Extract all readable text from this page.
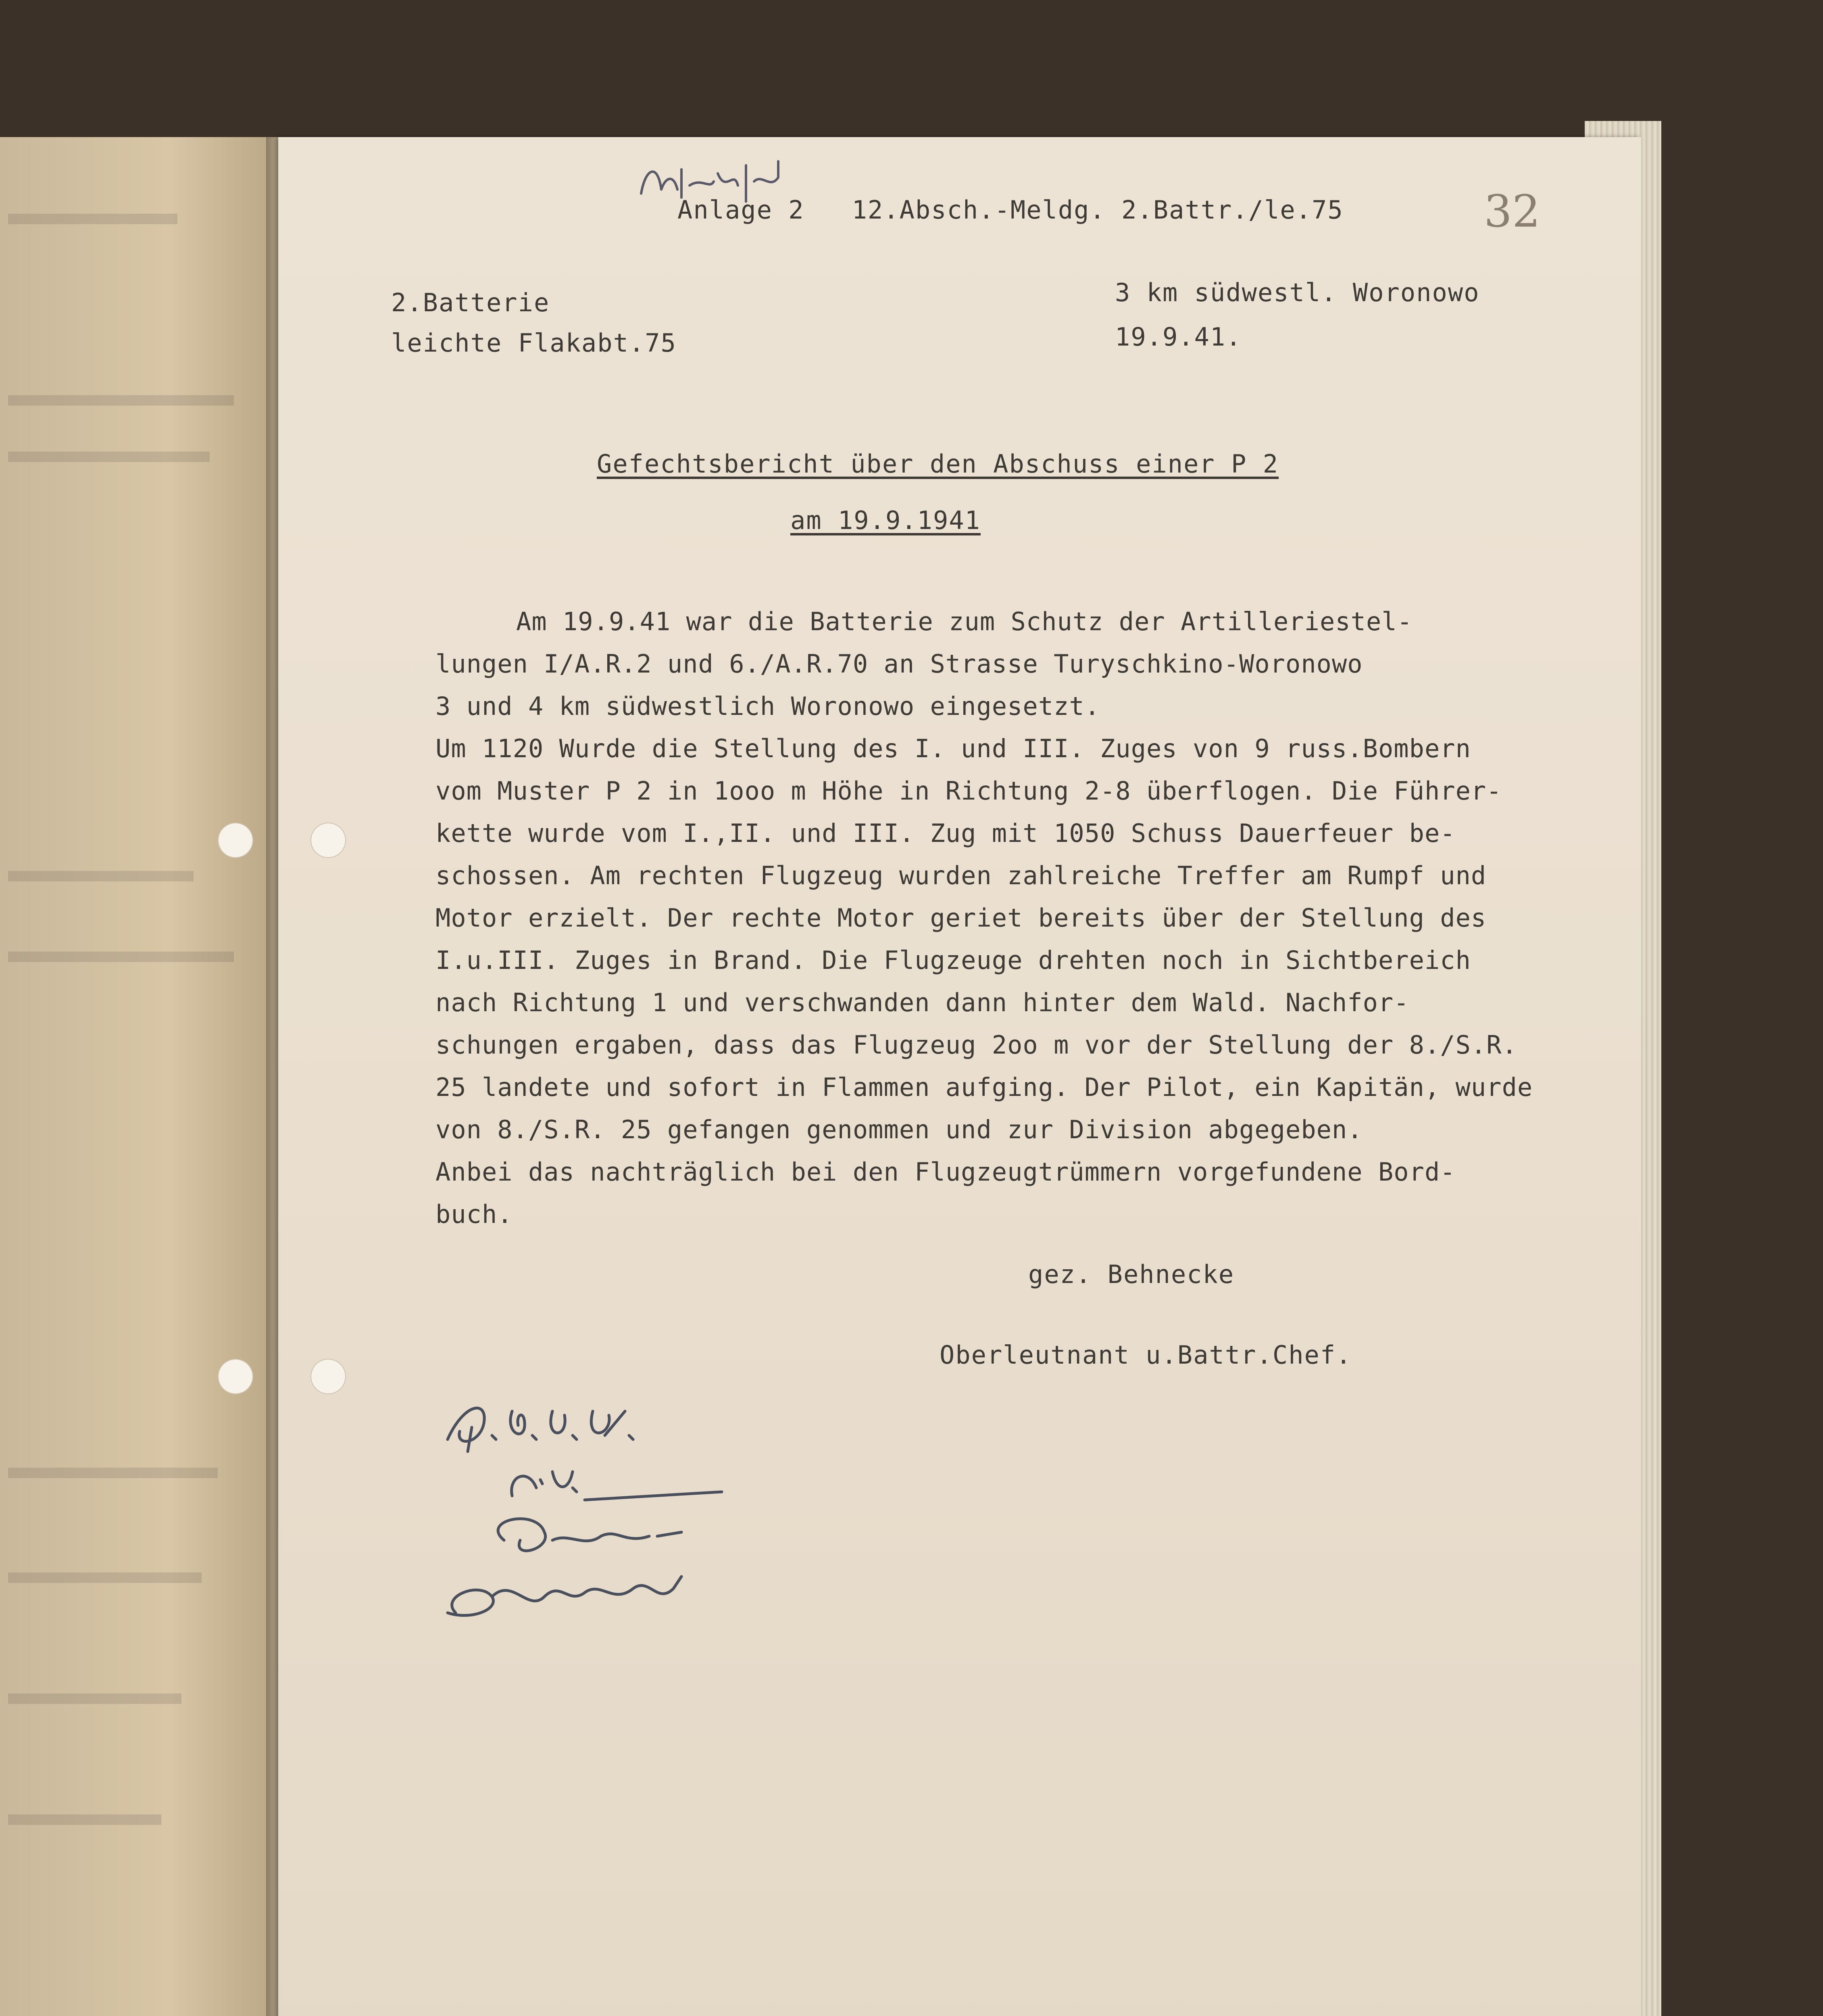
Anlage 2   12.Absch.-Meldg. 2.Battr./le.75	32
2.Batterie
leichte Flakabt.75
3 km südwestl. Woronowo
19.9.41.
Gefechtsbericht über den Abschuss einer P 2
am 19.9.1941
Am 19.9.41 war die Batterie zum Schutz der Artilleriestel-
lungen I/A.R.2 und 6./A.R.70 an Strasse Turyschkino-Woronowo
3 und 4 km südwestlich Woronowo eingesetzt.
Um 1120 Wurde die Stellung des I. und III. Zuges von 9 russ.Bombern
vom Muster P 2 in 1ooo m Höhe in Richtung 2-8 überflogen. Die Führer-
kette wurde vom I.,II. und III. Zug mit 1050 Schuss Dauerfeuer be-
schossen. Am rechten Flugzeug wurden zahlreiche Treffer am Rumpf und
Motor erzielt. Der rechte Motor geriet bereits über der Stellung des
I.u.III. Zuges in Brand. Die Flugzeuge drehten noch in Sichtbereich
nach Richtung 1 und verschwanden dann hinter dem Wald. Nachfor-
schungen ergaben, dass das Flugzeug 2oo m vor der Stellung der 8./S.R.
25 landete und sofort in Flammen aufging. Der Pilot, ein Kapitän, wurde
von 8./S.R. 25 gefangen genommen und zur Division abgegeben.
Anbei das nachträglich bei den Flugzeugtrümmern vorgefundene Bord-
buch.
gez. Behnecke
Oberleutnant u.Battr.Chef.
